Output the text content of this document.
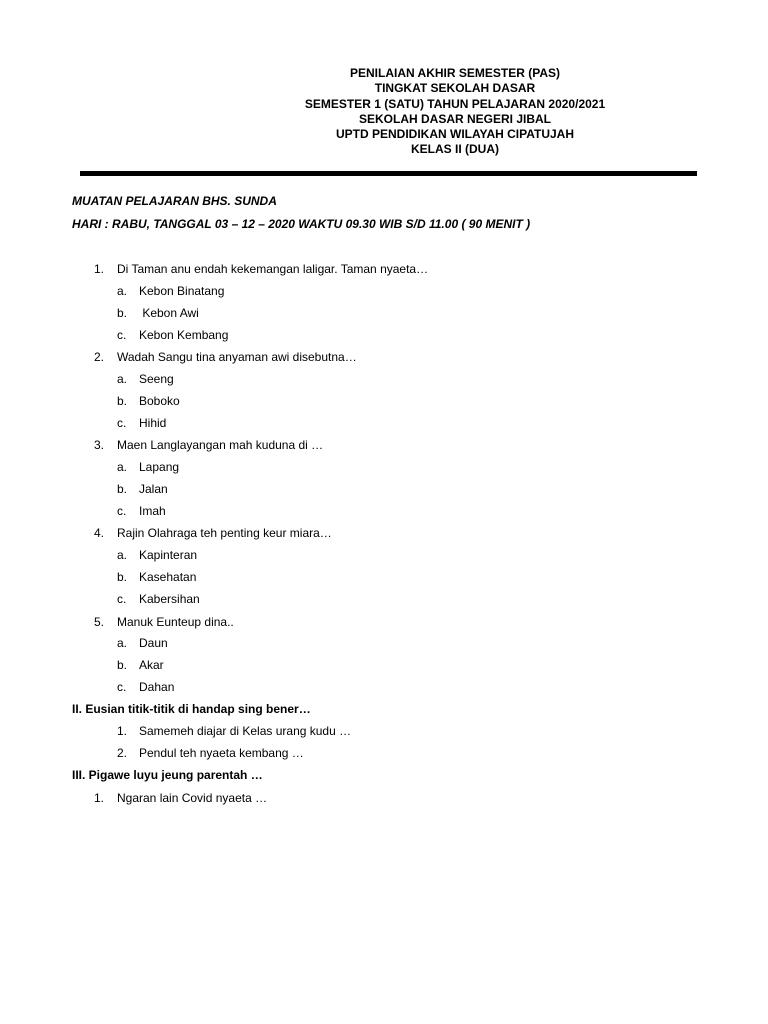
PENILAIAN AKHIR SEMESTER (PAS)
TINGKAT SEKOLAH DASAR
SEMESTER 1 (SATU) TAHUN PELAJARAN 2020/2021
SEKOLAH DASAR NEGERI JIBAL
UPTD PENDIDIKAN WILAYAH CIPATUJAH
KELAS II (DUA)
MUATAN PELAJARAN BHS. SUNDA
HARI : RABU, TANGGAL 03 – 12 – 2020 WAKTU 09.30 WIB S/D 11.00 ( 90 MENIT )
1. Di Taman anu endah kekemangan laligar. Taman nyaeta…
a. Kebon Binatang
b. Kebon Awi
c. Kebon Kembang
2. Wadah Sangu tina anyaman awi disebutna…
a. Seeng
b. Boboko
c. Hihid
3. Maen Langlayangan mah kuduna di …
a. Lapang
b. Jalan
c. Imah
4. Rajin Olahraga teh penting keur miara…
a. Kapinteran
b. Kasehatan
c. Kabersihan
5. Manuk Eunteup dina..
a. Daun
b. Akar
c. Dahan
II. Eusian titik-titik di handap sing bener…
1. Samemeh diajar di Kelas urang kudu …
2. Pendul teh nyaeta kembang …
III. Pigawe luyu jeung parentah …
1. Ngaran lain Covid nyaeta …
